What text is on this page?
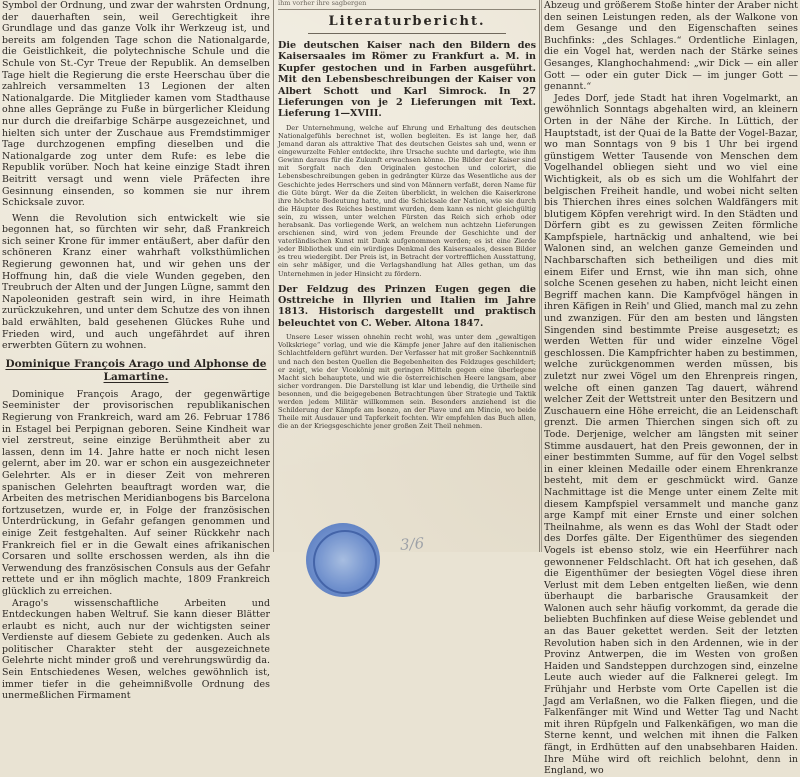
Symbol der Ordnung, und zwar der wahrsten Ordnung, der dauerhaften sein, weil Gerechtigkeit ihre Grundlage und das ganze Volk ihr Werkzeug ist, und bereits am folgenden Tage schon die Nationalgarde, die Geistlichkeit, die polytechnische Schule und die Schule von St.-Cyr Treue der Republik. An demselben Tage hielt die Regierung die erste Heerschau über die zahlreich versammelten 13 Legionen der alten Nationalgarde. Die Mitglieder kamen vom Stadthause ohne alles Gepränge zu Fuße in bürgerlicher Kleidung nur durch die dreifarbige Schärpe ausgezeichnet, und hielten sich unter der Zuschaue aus Fremdstimmiger Tage durchzogenen empfing dieselben und die Nationalgarde zog unter dem Rufe: es lebe die Republik vorüber. Noch hat keine einzige Stadt ihren Beitritt versagt und wenn viele Präfecten ihre Gesinnung einsenden, so kommen sie nur ihrem Schicksale zuvor.

Wenn die Revolution sich entwickelt wie sie begonnen hat, so fürchten wir sehr, daß Frankreich sich seiner Krone für immer entäußert, aber dafür den schöneren Kranz einer wahrhaft volksthümlichen Regierung gewonnen hat, und wir gehen uns der Hoffnung hin, daß die viele Wunden gegeben, den Treubruch der Alten und der Jungen Lügne, sammt den Napoleoniden gestraft sein wird, in ihre Heimath zurückzukehren, und unter dem Schutze des von ihnen bald erwählten, bald gesehenen Glückes Ruhe und Frieden wird, und auch ungefährdet auf ihren erwerbten Gütern zu wohnen.

Dominique François Arago und Alphonse de Lamartine.

Dominique François Arago, der gegenwärtige Seeminister der provisorischen republikanischen Regierung von Frankreich, ward am 26. Februar 1786 in Estagel bei Perpignan geboren. Seine Kindheit war viel zerstreut, seine einzige Berühmtheit aber zu lassen, denn im 14. Jahre hatte er noch nicht lesen gelernt, aber im 20. war er schon ein ausgezeichneter Gelehrter. Als er in dieser Zeit von mehreren spanischen Gelehrten beauftragt worden war, die Arbeiten des metrischen Meridianbogens bis Barcelona fortzusetzen, wurde er, in Folge der französischen Unterdrückung, in Gefahr gefangen genommen und einige Zeit festgehalten. Auf seiner Rückkehr nach Frankreich fiel er in die Gewalt eines afrikanischen Corsaren und sollte erschossen werden, als ihn die Verwendung des französischen Consuls aus der Gefahr rettete und er ihn möglich machte, 1809 Frankreich glücklich zu erreichen.

Arago's wissenschaftliche Arbeiten und Entdeckungen haben Weltruf. Sie kann dieser Blätter erlaubt es nicht, auch nur der wichtigsten seiner Verdienste auf diesem Gebiete zu gedenken. Auch als politischer Charakter steht der ausgezeichnete Gelehrte nicht minder groß und verehrungswürdig da. Sein Entschiedenes Wesen, welches gewöhnlich ist, immer tiefer in die geheimnißvolle Ordnung des unermeßlichen Firmament

ihm vorher ihre sagbergen
Literaturbericht.
Die deutschen Kaiser nach den Bildern des Kaisersaales im Römer zu Frankfurt a. M. in Kupfer gestochen und in Farben ausgeführt. Mit den Lebensbeschreibungen der Kaiser von Albert Schott und Karl Simrock. In 27 Lieferungen von je 2 Lieferungen mit Text. Lieferung 1—XVIII.

Der Unternehmung, welche auf Ehrung und Erhaltung des deutschen Nationalgefühls berechnet ist, wollen begleiten. Es ist lange her, daß Jemand daran als attraktive That des deutschen Geistes sah und, wenn er eingewurzelte Fehler entdeckte, ihre Ursache suchte und darlegte, wie ihm Gewinn daraus für die Zukunft erwachsen könne. Die Bilder der Kaiser sind mit Sorgfalt nach den Originalen gestochen und colorirt, die Lebensbeschreibungen geben in gedrängter Kürze das Wesentliche aus der Geschichte jedes Herrschers und sind von Männern verfaßt, deren Name für die Güte bürgt. Wer da die Zeiten überblickt, in welchen die Kaiserkrone ihre höchste Bedeutung hatte, und die Schicksale der Nation, wie sie durch die Häupter des Reiches bestimmt wurden, dem kann es nicht gleichgültig sein, zu wissen, unter welchen Fürsten das Reich sich erhob oder herabsank. Das vorliegende Werk, an welchem nun achtzehn Lieferungen erschienen sind, wird von jedem Freunde der Geschichte und der vaterländischen Kunst mit Dank aufgenommen werden; es ist eine Zierde jeder Bibliothek und ein würdiges Denkmal des Kaisersaales, dessen Bilder es treu wiedergibt. Der Preis ist, in Betracht der vortrefflichen Ausstattung, ein sehr mäßiger, und die Verlagshandlung hat Alles gethan, um das Unternehmen in jeder Hinsicht zu fördern.

Der Feldzug des Prinzen Eugen gegen die Osttreiche in Illyrien und Italien im Jahre 1813. Historisch dargestellt und praktisch beleuchtet von C. Weber. Altona 1847.

Unsere Leser wissen ohnehin recht wohl, was unter dem „gewaltigen Volkskriege“ vorlag, und wie die Kämpfe jener Jahre auf den italienischen Schlachtfeldern geführt wurden. Der Verfasser hat mit großer Sachkenntniß und nach den besten Quellen die Begebenheiten des Feldzuges geschildert; er zeigt, wie der Vicekönig mit geringen Mitteln gegen eine überlegene Macht sich behauptete, und wie die österreichischen Heere langsam, aber sicher vordrangen. Die Darstellung ist klar und lebendig, die Urtheile sind besonnen, und die beigegebenen Betrachtungen über Strategie und Taktik werden jedem Militär willkommen sein. Besonders anziehend ist die Schilderung der Kämpfe am Isonzo, an der Piave und am Mincio, wo beide Theile mit Ausdauer und Tapferkeit fochten. Wir empfehlen das Buch allen, die an der Kriegsgeschichte jener großen Zeit Theil nehmen.

Abzeug und größerem Stoße hinter der Araber nicht den seinen Leistungen reden, als der Walkone von dem Gesange und den Eigenschaften seines Buchfinks: „des Schlages.“ Ordentliche Einlagen, die ein Vogel hat, werden nach der Stärke seines Gesanges, Klanghochahmend: „wir Dick — ein aller Gott — oder ein guter Dick — im junger Gott — genannt.“

Jedes Dorf, jede Stadt hat ihren Vogelmarkt, an gewöhnlich Sonntags abgehalten wird, an kleinern Orten in der Nähe der Kirche. In Lüttich, der Hauptstadt, ist der Quai de la Batte der Vogel-Bazar, wo man Sonntags von 9 bis 1 Uhr bei irgend günstigem Wetter Tausende von Menschen dem Vogelhandel obliegen sieht und wo viel eine Wichtigkeit, als ob es sich um die Wohlfahrt der belgischen Freiheit handle, und wobei nicht selten bis Thierchen ihres eines solchen Waldfängers mit blutigem Köpfen verehrigt wird. In den Städten und Dörfern gibt es zu gewissen Zeiten förmliche Kampfspiele, hartnäckig und anhaltend, wie bei Walonen sind, an welchen ganze Gemeinden und Nachbarschaften sich betheiligen und dies mit einem Eifer und Ernst, wie ihn man sich, ohne solche Scenen gesehen zu haben, nicht leicht einen Begriff machen kann. Die Kampfvögel hängen in ihren Käfigen in Reih' und Glied, manch mal zu zehn und zwanzigen. Für den am besten und längsten Singenden sind bestimmte Preise ausgesetzt; es werden Wetten für und wider einzelne Vögel geschlossen. Die Kampfrichter haben zu bestimmen, welche zurückgenommen werden müssen, bis zuletzt nur zwei Vögel um den Ehrenpreis ringen, welche oft einen ganzen Tag dauert, während welcher Zeit der Wettstreit unter den Besitzern und Zuschauern eine Höhe erreicht, die an Leidenschaft grenzt. Die armen Thierchen singen sich oft zu Tode. Derjenige, welcher am längsten mit seiner Stimme ausdauert, hat den Preis gewonnen, der in einer bestimmten Summe, auf für den Vogel selbst in einer kleinen Medaille oder einem Ehrenkranze besteht, mit dem er geschmückt wird. Ganze Nachmittage ist die Menge unter einem Zelte mit diesem Kampfspiel versammelt und manche ganz arge Kampf mit einer Ernste und einer solchen Theilnahme, als wenn es das Wohl der Stadt oder des Dorfes gälte. Der Eigenthümer des siegenden Vogels ist ebenso stolz, wie ein Heerführer nach gewonnener Feldschlacht. Oft hat ich gesehen, daß die Eigenthümer der besiegten Vögel diese ihren Verlust mit dem Leben entgelten ließen, wie denn überhaupt die barbarische Grausamkeit der Walonen auch sehr häufig vorkommt, da gerade die beliebten Buchfinken auf diese Weise geblendet und an das Bauer gekettet werden. Seit der letzten Revolution haben sich in den Ardennen, wie in der Provinz Antwerpen, die im Westen von großen Haiden und Sandsteppen durchzogen sind, einzelne Leute auch wieder auf die Falknerei gelegt. Im Frühjahr und Herbste vom Orte Capellen ist die Jagd am Verlaßnen, wo die Falken fliegen, und die Falkenfänger mit Wind und Wetter Tag und Nacht mit ihren Rüpfgeln und Falkenkäfigen, wo man die Sterne kennt, und welchen mit ihnen die Falken fängt, in Erdhütten auf den unabsehbaren Haiden. Ihre Mühe wird oft reichlich belohnt, denn in England, wo

3/6
